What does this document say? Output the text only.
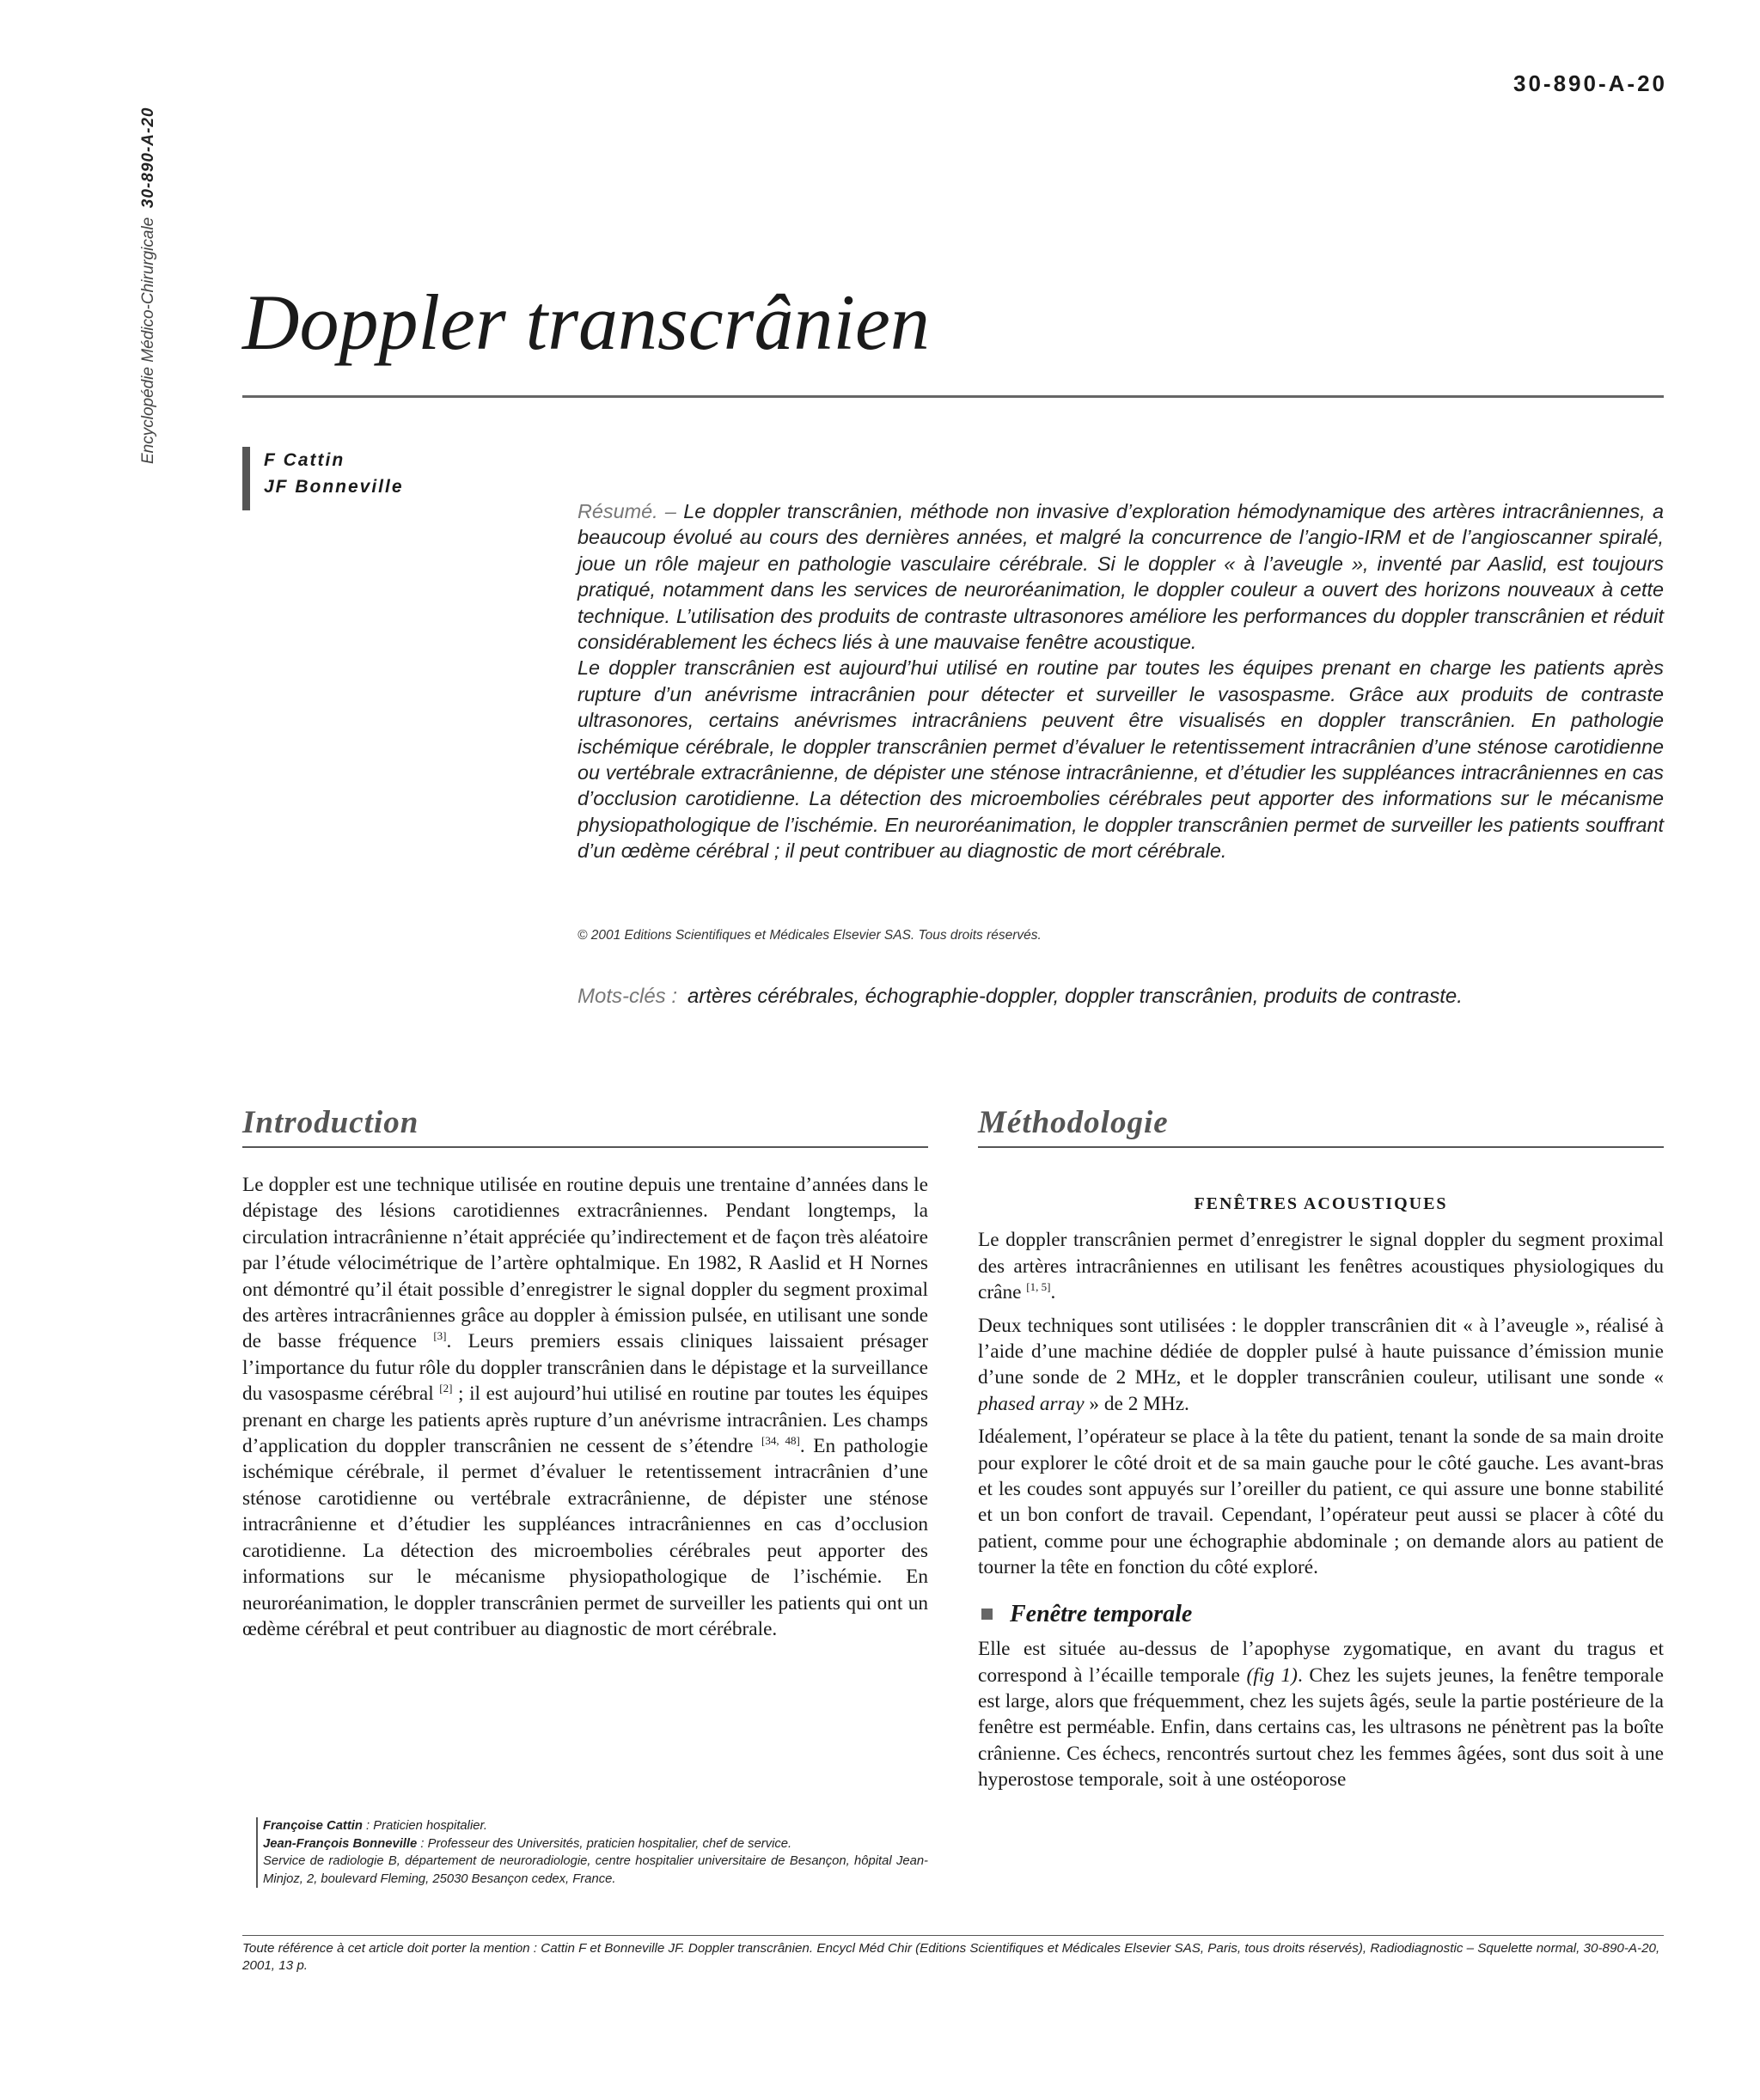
30-890-A-20
Encyclopédie Médico-Chirurgicale  30-890-A-20
Doppler transcrânien
F Cattin
JF Bonneville

Résumé. – Le doppler transcrânien, méthode non invasive d’exploration hémodynamique des artères intracrâniennes, a beaucoup évolué au cours des dernières années, et malgré la concurrence de l’angio-IRM et de l’angioscanner spiralé, joue un rôle majeur en pathologie vasculaire cérébrale. Si le doppler « à l’aveugle », inventé par Aaslid, est toujours pratiqué, notamment dans les services de neuroréanimation, le doppler couleur a ouvert des horizons nouveaux à cette technique. L’utilisation des produits de contraste ultrasonores améliore les performances du doppler transcrânien et réduit considérablement les échecs liés à une mauvaise fenêtre acoustique.

Le doppler transcrânien est aujourd’hui utilisé en routine par toutes les équipes prenant en charge les patients après rupture d’un anévrisme intracrânien pour détecter et surveiller le vasospasme. Grâce aux produits de contraste ultrasonores, certains anévrismes intracrâniens peuvent être visualisés en doppler transcrânien. En pathologie ischémique cérébrale, le doppler transcrânien permet d’évaluer le retentissement intracrânien d’une sténose carotidienne ou vertébrale extracrânienne, de dépister une sténose intracrânienne, et d’étudier les suppléances intracrâniennes en cas d’occlusion carotidienne. La détection des microembolies cérébrales peut apporter des informations sur le mécanisme physiopathologique de l’ischémie. En neuroréanimation, le doppler transcrânien permet de surveiller les patients souffrant d’un œdème cérébral ; il peut contribuer au diagnostic de mort cérébrale.

© 2001 Editions Scientifiques et Médicales Elsevier SAS. Tous droits réservés.
Mots-clés : artères cérébrales, échographie-doppler, doppler transcrânien, produits de contraste.
Introduction

Le doppler est une technique utilisée en routine depuis une trentaine d’années dans le dépistage des lésions carotidiennes extracrâniennes. Pendant longtemps, la circulation intracrânienne n’était appréciée qu’indirectement et de façon très aléatoire par l’étude vélocimétrique de l’artère ophtalmique. En 1982, R Aaslid et H Nornes ont démontré qu’il était possible d’enregistrer le signal doppler du segment proximal des artères intracrâniennes grâce au doppler à émission pulsée, en utilisant une sonde de basse fréquence [3]. Leurs premiers essais cliniques laissaient présager l’importance du futur rôle du doppler transcrânien dans le dépistage et la surveillance du vasospasme cérébral [2] ; il est aujourd’hui utilisé en routine par toutes les équipes prenant en charge les patients après rupture d’un anévrisme intracrânien. Les champs d’application du doppler transcrânien ne cessent de s’étendre [34, 48]. En pathologie ischémique cérébrale, il permet d’évaluer le retentissement intracrânien d’une sténose carotidienne ou vertébrale extracrânienne, de dépister une sténose intracrânienne et d’étudier les suppléances intracrâniennes en cas d’occlusion carotidienne. La détection des microembolies cérébrales peut apporter des informations sur le mécanisme physiopathologique de l’ischémie. En neuroréanimation, le doppler transcrânien permet de surveiller les patients qui ont un œdème cérébral et peut contribuer au diagnostic de mort cérébrale.

Françoise Cattin : Praticien hospitalier.
Jean-François Bonneville : Professeur des Universités, praticien hospitalier, chef de service.
Service de radiologie B, département de neuroradiologie, centre hospitalier universitaire de Besançon, hôpital Jean-Minjoz, 2, boulevard Fleming, 25030 Besançon cedex, France.
Méthodologie
FENÊTRES ACOUSTIQUES

Le doppler transcrânien permet d’enregistrer le signal doppler du segment proximal des artères intracrâniennes en utilisant les fenêtres acoustiques physiologiques du crâne [1, 5].

Deux techniques sont utilisées : le doppler transcrânien dit « à l’aveugle », réalisé à l’aide d’une machine dédiée de doppler pulsé à haute puissance d’émission munie d’une sonde de 2 MHz, et le doppler transcrânien couleur, utilisant une sonde « phased array » de 2 MHz.

Idéalement, l’opérateur se place à la tête du patient, tenant la sonde de sa main droite pour explorer le côté droit et de sa main gauche pour le côté gauche. Les avant-bras et les coudes sont appuyés sur l’oreiller du patient, ce qui assure une bonne stabilité et un bon confort de travail. Cependant, l’opérateur peut aussi se placer à côté du patient, comme pour une échographie abdominale ; on demande alors au patient de tourner la tête en fonction du côté exploré.

Fenêtre temporale

Elle est située au-dessus de l’apophyse zygomatique, en avant du tragus et correspond à l’écaille temporale (fig 1). Chez les sujets jeunes, la fenêtre temporale est large, alors que fréquemment, chez les sujets âgés, seule la partie postérieure de la fenêtre est perméable. Enfin, dans certains cas, les ultrasons ne pénètrent pas la boîte crânienne. Ces échecs, rencontrés surtout chez les femmes âgées, sont dus soit à une hyperostose temporale, soit à une ostéoporose

Toute référence à cet article doit porter la mention : Cattin F et Bonneville JF. Doppler transcrânien. Encycl Méd Chir (Editions Scientifiques et Médicales Elsevier SAS, Paris, tous droits réservés), Radiodiagnostic – Squelette normal, 30-890-A-20, 2001, 13 p.
